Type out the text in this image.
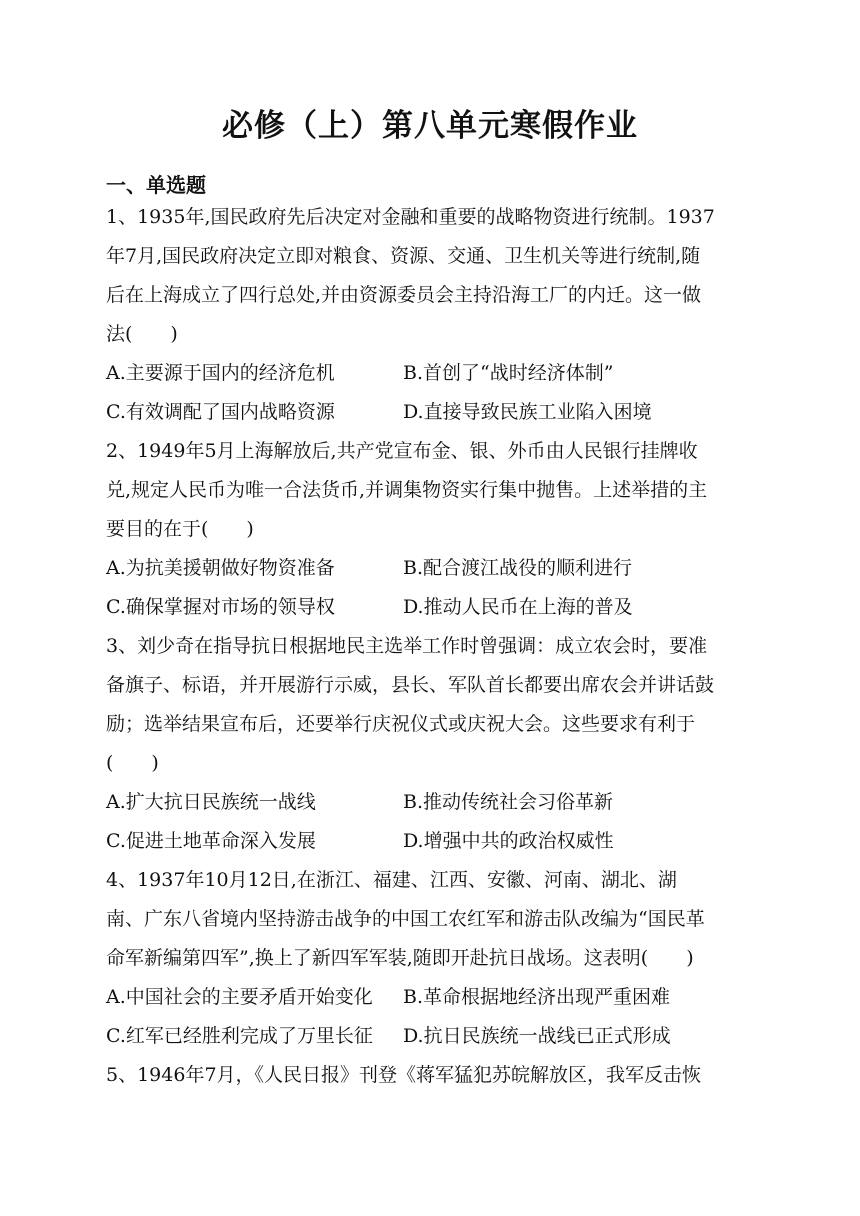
必修（上）第八单元寒假作业
一、单选题
1、1935年,国民政府先后决定对金融和重要的战略物资进行统制。1937
年7月,国民政府决定立即对粮食、资源、交通、卫生机关等进行统制,随
后在上海成立了四行总处,并由资源委员会主持沿海工厂的内迁。这一做
法(　　)
A.主要源于国内的经济危机	B.首创了“战时经济体制”
C.有效调配了国内战略资源	D.直接导致民族工业陷入困境
2、1949年5月上海解放后,共产党宣布金、银、外币由人民银行挂牌收
兑,规定人民币为唯一合法货币,并调集物资实行集中抛售。上述举措的主
要目的在于(　　)
A.为抗美援朝做好物资准备	B.配合渡江战役的顺利进行
C.确保掌握对市场的领导权	D.推动人民币在上海的普及
3、刘少奇在指导抗日根据地民主选举工作时曾强调：成立农会时，要准
备旗子、标语，并开展游行示威，县长、军队首长都要出席农会并讲话鼓
励；选举结果宣布后，还要举行庆祝仪式或庆祝大会。这些要求有利于
(　　)
A.扩大抗日民族统一战线	B.推动传统社会习俗革新
C.促进土地革命深入发展	D.增强中共的政治权威性
4、1937年10月12日,在浙江、福建、江西、安徽、河南、湖北、湖
南、广东八省境内坚持游击战争的中国工农红军和游击队改编为“国民革
命军新编第四军”,换上了新四军军装,随即开赴抗日战场。这表明(　　)
A.中国社会的主要矛盾开始变化	B.革命根据地经济出现严重困难
C.红军已经胜利完成了万里长征	D.抗日民族统一战线已正式形成
5、1946年7月，《人民日报》刊登《蒋军猛犯苏皖解放区，我军反击恢
